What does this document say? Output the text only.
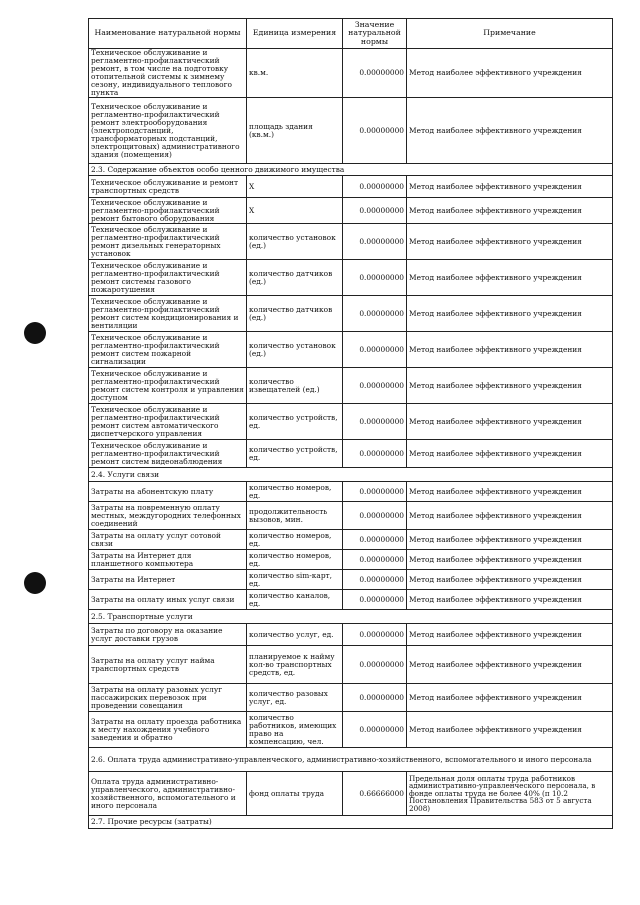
Наименование натуральной нормы	Единица измерения	Значение натуральной нормы	Примечание
Техническое обслуживание и регламентно-профилактический ремонт, в том числе на подготовку отопительной системы к зимнему сезону, индивидуального теплового пункта	кв.м.	0.00000000	Метод наиболее эффективного учреждения
Техническое обслуживание и регламентно-профилактический ремонт электрооборудования (электроподстанций, трансформаторных подстанций, электрощитовых) административного здания (помещения)	площадь здания (кв.м.)	0.00000000	Метод наиболее эффективного учреждения
2.3. Содержание объектов особо ценного движимого имущества			
Техническое обслуживание и ремонт транспортных средств	X	0.00000000	Метод наиболее эффективного учреждения
Техническое обслуживание и регламентно-профилактический ремонт бытового оборудования	X	0.00000000	Метод наиболее эффективного учреждения
Техническое обслуживание и регламентно-профилактический ремонт дизельных генераторных установок	количество установок (ед.)	0.00000000	Метод наиболее эффективного учреждения
Техническое обслуживание и регламентно-профилактический ремонт системы газового пожаротушения	количество датчиков (ед.)	0.00000000	Метод наиболее эффективного учреждения
Техническое обслуживание и регламентно-профилактический ремонт систем кондиционирования и вентиляции	количество датчиков (ед.)	0.00000000	Метод наиболее эффективного учреждения
Техническое обслуживание и регламентно-профилактический ремонт систем пожарной сигнализации	количество установок (ед.)	0.00000000	Метод наиболее эффективного учреждения
Техническое обслуживание и регламентно-профилактический ремонт систем контроля и управления доступом	количество извещателей (ед.)	0.00000000	Метод наиболее эффективного учреждения
Техническое обслуживание и регламентно-профилактический ремонт систем автоматического диспетчерского управления	количество устройств, ед.	0.00000000	Метод наиболее эффективного учреждения
Техническое обслуживание и регламентно-профилактический ремонт систем видеонаблюдения	количество устройств, ед.	0.00000000	Метод наиболее эффективного учреждения
2.4. Услуги связи			
Затраты на абонентскую плату	количество номеров, ед.	0.00000000	Метод наиболее эффективного учреждения
Затраты на повременную оплату местных, междугородних телефонных соединений	продолжительность вызовов, мин.	0.00000000	Метод наиболее эффективного учреждения
Затраты на оплату услуг сотовой связи	количество номеров, ед.	0.00000000	Метод наиболее эффективного учреждения
Затраты на Интернет для планшетного компьютера	количество номеров, ед.	0.00000000	Метод наиболее эффективного учреждения
Затраты на Интернет	количество sim-карт, ед.	0.00000000	Метод наиболее эффективного учреждения
Затраты на оплату иных услуг связи	количество каналов, ед.	0.00000000	Метод наиболее эффективного учреждения
2.5. Транспортные услуги			
Затраты по договору на оказание услуг доставки грузов	количество услуг, ед.	0.00000000	Метод наиболее эффективного учреждения
Затраты на оплату услуг найма транспортных средств	планируемое к найму кол-во транспортных средств, ед.	0.00000000	Метод наиболее эффективного учреждения
Затраты на оплату разовых услуг пассажирских перевозок при проведении совещания	количество разовых услуг, ед.	0.00000000	Метод наиболее эффективного учреждения
Затраты на оплату проезда работника к месту нахождения учебного заведения и обратно	количество работников, имеющих право на компенсацию, чел.	0.00000000	Метод наиболее эффективного учреждения
2.6. Оплата труда административно-управленческого, административно-хозяйственного, вспомогательного и иного персонала			
Оплата труда административно-управленческого, административно-хозяйственного, вспомогательного и иного персонала	фонд оплаты труда	0.66666000	Предельная доля оплаты труда работников административно-управленческого персонала, в фонде оплаты труда не более 40% (п 10.2 Постановления Правительства 583 от 5 августа 2008)
2.7. Прочие ресурсы (затраты)			
